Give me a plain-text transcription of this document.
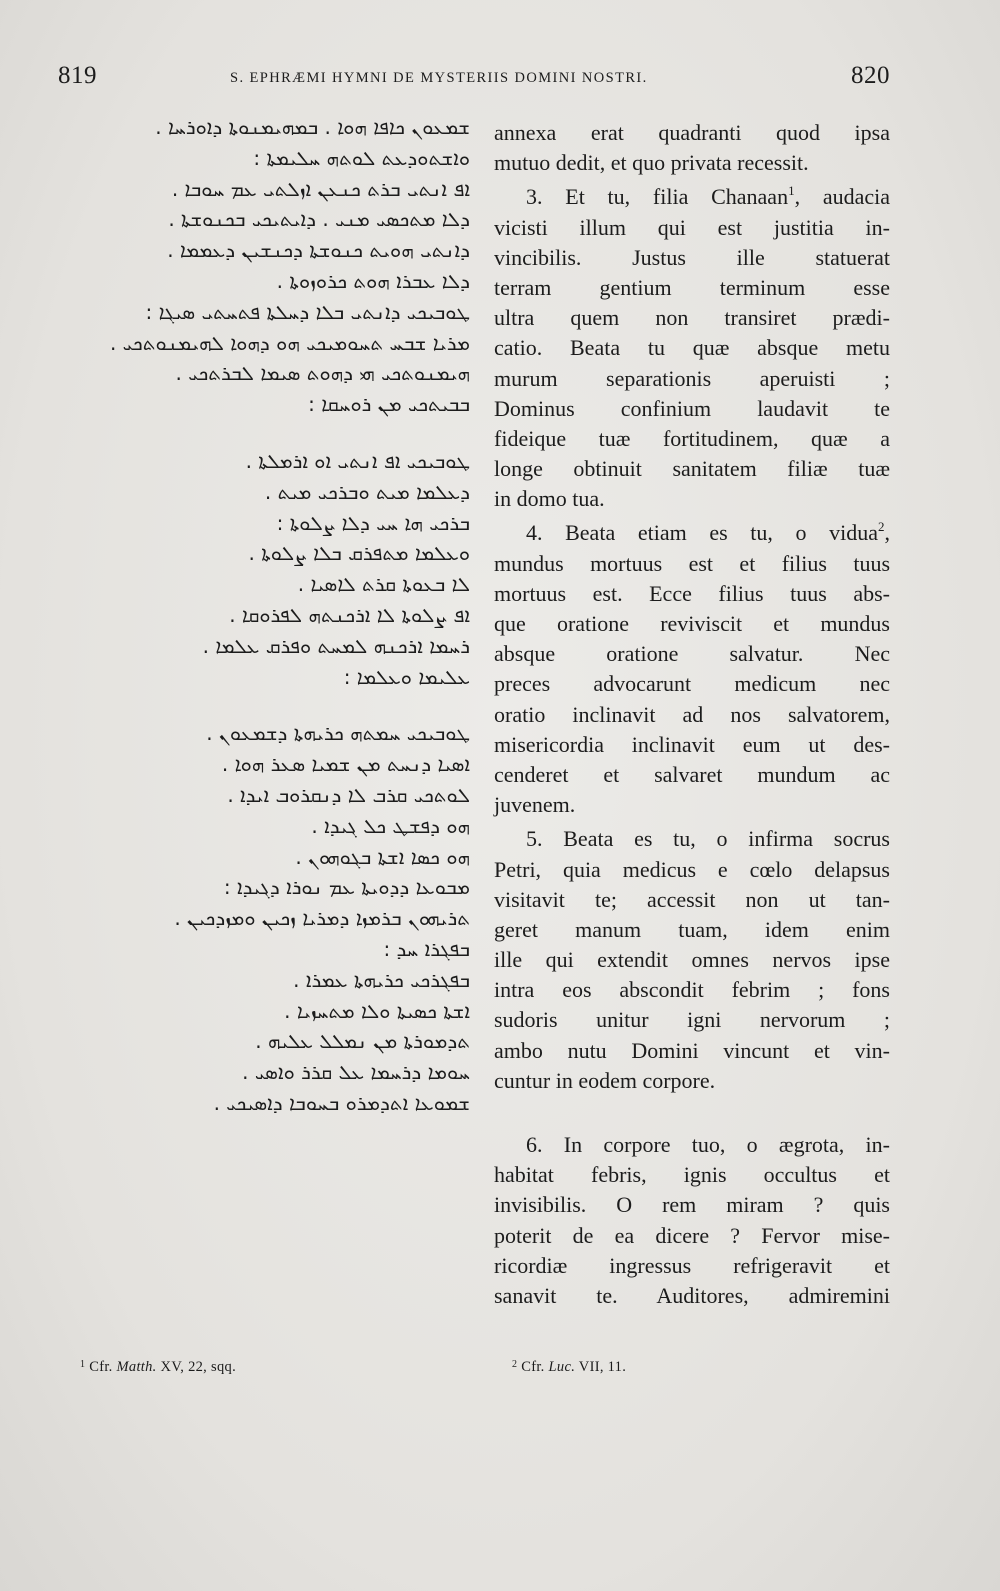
819	S. EPHRÆMI HYMNI DE MYSTERIIS DOMINI NOSTRI.	820
ܫܡܥܘܢ ܟܐܦܐ ܗܘܐ . ܒܡܗܝܡܢܘܬܐ ܕܐܘܪܚܐ .
ܘܐܫܬܘܕܥܬ ܠܘܬܗ ܚܠܝܡܬܐ :
ܐܦ ܐܢܬܝ ܒܪܬ ܟܢܥܢ ܐܙܠܬܝ ܥܡ ܚܘܒܐ .
ܕܠܐ ܡܬܟܣܝ ܡܢܝ . ܕܐܝܬܝܟܝ ܒܟܢܘܫܬܐ .
ܕܐܢܬܝ ܗܘܝܬ ܟܢܘܫܬܐ ܕܟܢܫܝܢ ܕܥܡܡܐ .
ܕܠܐ ܥܒܪܐ ܗܘܬ ܟܪܘܙܘܬܐ .
ܛܘܒܝܟܝ ܕܐܢܬܝ ܒܠܐ ܕܚܠܬܐ ܦܬܚܬܝ ܣܝܓܐ :
ܡܪܝܐ ܫܒܚ ܬܚܘܡܝܟܝ ܗܘ ܕܗܘܐ ܠܗܝܡܢܘܬܟܝ .
ܗܝܡܢܘܬܟܝ ܗܝ ܕܗܘܬ ܣܝܡܐ ܠܒܪܬܟܝ .
ܒܒܝܬܟܝ ܡܢ ܪܘܚܩܐ :
ܛܘܒܝܟܝ ܐܦ ܐܢܬܝ ܐܘ ܐܪܡܠܬܐ .
ܕܥܠܡܐ ܡܝܬ ܘܒܪܟܝ ܡܝܬ .
ܒܪܟܝ ܗܐ ܚܝ ܕܠܐ ܨܠܘܬܐ :
ܘܥܠܡܐ ܡܬܦܪܩ ܒܠܐ ܨܠܘܬܐ .
ܠܐ ܒܥܘܬܐ ܩܪܬ ܠܐܣܝܐ .
ܐܦ ܨܠܘܬܐ ܠܐ ܐܪܟܢܬܗ ܠܦܪܘܩܐ .
ܪܚܡܐ ܐܪܟܢܗ ܠܡܚܬ ܘܦܪܩ ܥܠܡܐ .
ܥܠܝܡܐ ܘܥܠܡܐ :
ܛܘܒܝܟܝ ܚܡܬܗ ܟܪܝܗܬܐ ܕܫܡܥܘܢ .
ܐܣܝܐ ܕܢܚܬ ܡܢ ܫܡܝܐ ܣܥܪ ܗܘܐ .
ܠܘܬܟܝ ܩܪܒ ܠܐ ܕܢܩܪܘܒ ܐܝܕܐ .
ܗܘ ܕܦܫܛ ܟܠ ܓܝܕܐ .
ܗܘ ܟܣܐ ܐܫܬܐ ܒܓܘܗܘܢ .
ܡܒܘܥܐ ܕܕܘܝܬܐ ܥܡ ܢܘܪܐ ܕܓܝܕܐ :
ܬܪܝܗܘܢ ܒܪܡܙܐ ܕܡܪܝܐ ܙܟܝܢ ܘܡܙܕܟܝܢ .
ܒܦܓܪܐ ܚܕ :
ܒܦܓܪܟܝ ܟܪܝܗܬܐ ܥܡܪܐ .
ܐܫܬܐ ܟܣܝܬܐ ܘܠܐ ܡܬܚܙܝܐ .
ܬܕܡܘܪܬܐ ܡܢ ܢܡܠܠ ܥܠܝܗ .
ܚܘܡܐ ܕܪܚܡܐ ܥܠ ܩܪܪ ܘܐܣܝ .
ܫܡܘܥܐ ܐܬܕܡܪܘ ܒܚܘܒܐ ܕܐܣܝܟܝ .
annexa erat quadranti quod ipsa
mutuo dedit, et quo privata recessit.
3. Et tu, filia Chanaan$^1$, audacia
vicisti illum qui est justitia in-
vincibilis. Justus ille statuerat
terram gentium terminum esse
ultra quem non transiret prædi-
catio. Beata tu quæ absque metu
murum separationis aperuisti ;
Dominus confinium laudavit te
fideique tuæ fortitudinem, quæ a
longe obtinuit sanitatem filiæ tuæ
in domo tua.
4. Beata etiam es tu, o vidua$^2$,
mundus mortuus est et filius tuus
mortuus est. Ecce filius tuus abs-
que oratione reviviscit et mundus
absque oratione salvatur. Nec
preces advocarunt medicum nec
oratio inclinavit ad nos salvatorem,
misericordia inclinavit eum ut des-
cenderet et salvaret mundum ac
juvenem.
5. Beata es tu, o infirma socrus
Petri, quia medicus e cœlo delapsus
visitavit te; accessit non ut tan-
geret manum tuam, idem enim
ille qui extendit omnes nervos ipse
intra eos abscondit febrim ; fons
sudoris unitur igni nervorum ;
ambo nutu Domini vincunt et vin-
cuntur in eodem corpore.
6. In corpore tuo, o ægrota, in-
habitat febris, ignis occultus et
invisibilis. O rem miram ? quis
poterit de ea dicere ? Fervor mise-
ricordiæ ingressus refrigeravit et
sanavit te. Auditores, admiremini
$^1$ Cfr. Matth. XV, 22, sqq.	$^2$ Cfr. Luc. VII, 11.
